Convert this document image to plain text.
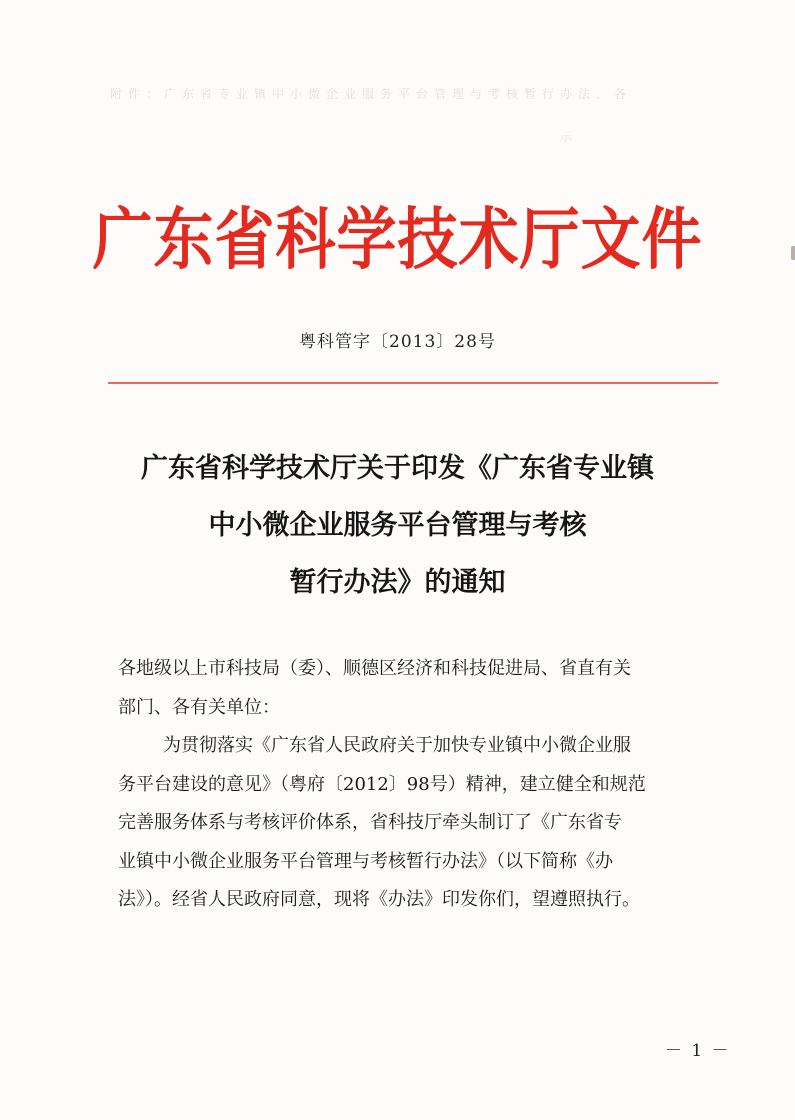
附件：广东省专业镇中小微企业服务平台管理与考核暂行办法，各
示
广东省科学技术厅文件
粤科管字〔2013〕28号
广东省科学技术厅关于印发《广东省专业镇
中小微企业服务平台管理与考核
暂行办法》的通知
各地级以上市科技局（委）、顺德区经济和科技促进局、省直有关
部门、各有关单位：
为贯彻落实《广东省人民政府关于加快专业镇中小微企业服
务平台建设的意见》（粤府〔2012〕98号）精神，建立健全和规范
完善服务体系与考核评价体系，省科技厅牵头制订了《广东省专
业镇中小微企业服务平台管理与考核暂行办法》（以下简称《办
法》）。经省人民政府同意，现将《办法》印发你们，望遵照执行。
－ 1 －
